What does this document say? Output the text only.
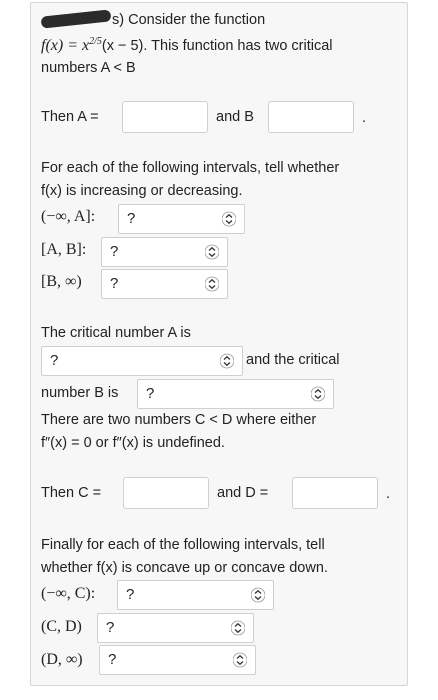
s) Consider the function
$f(x) = x^{2/5}(x - 5)$. This function has two critical
numbers A < B
Then A =	and B	.
For each of the following intervals, tell whether
f(x) is increasing or decreasing.
(−∞, A]: ?
[A, B]: ?
[B, ∞) ?
The critical number A is
?	and the critical
number B is ?
There are two numbers C < D where either
f″(x) = 0 or f″(x) is undefined.
Then C =	and D =	.
Finally for each of the following intervals, tell
whether f(x) is concave up or concave down.
(−∞, C): ?
(C, D) ?
(D, ∞) ?
